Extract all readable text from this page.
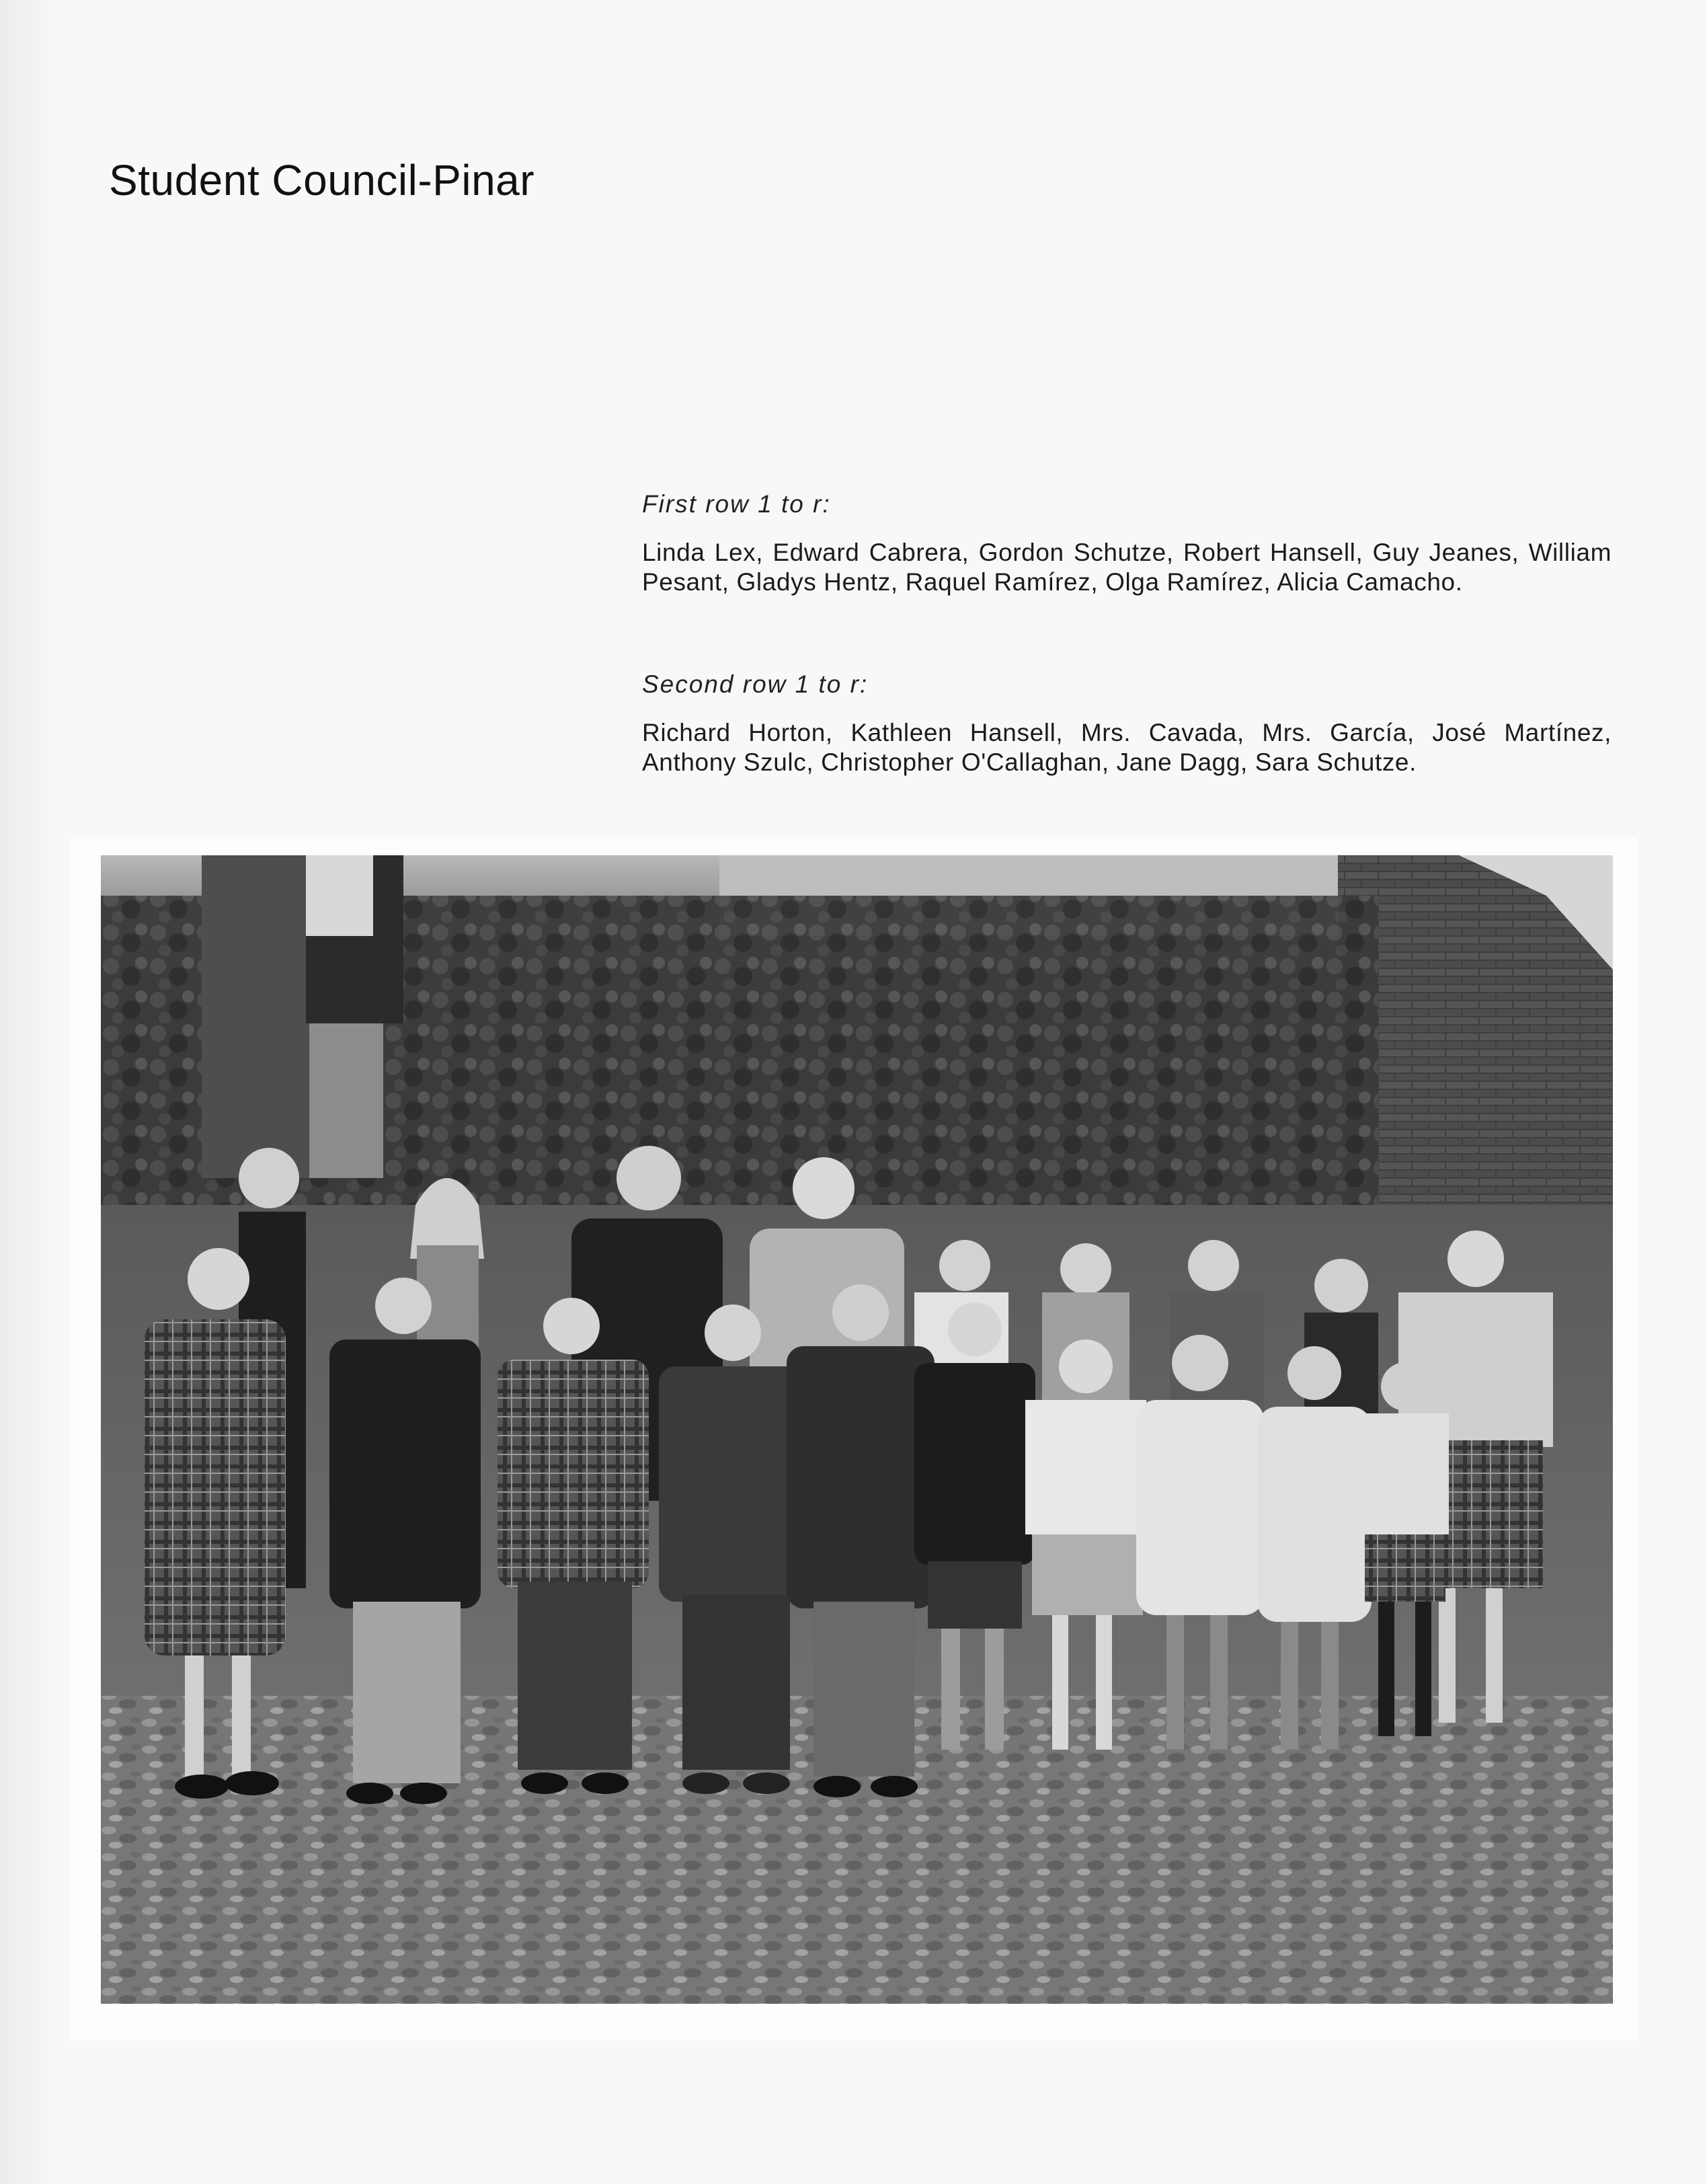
Student Council-Pinar
First row 1 to r:
Linda Lex, Edward Cabrera, Gordon Schutze, Robert Hansell, Guy Jeanes, William Pesant, Gladys Hentz, Raquel Ramírez, Olga Ramírez, Alicia Camacho.
Second row 1 to r:
Richard Horton, Kathleen Hansell, Mrs. Cavada, Mrs. García, José Martínez, Anthony Szulc, Christopher O'Callaghan, Jane Dagg, Sara Schutze.
